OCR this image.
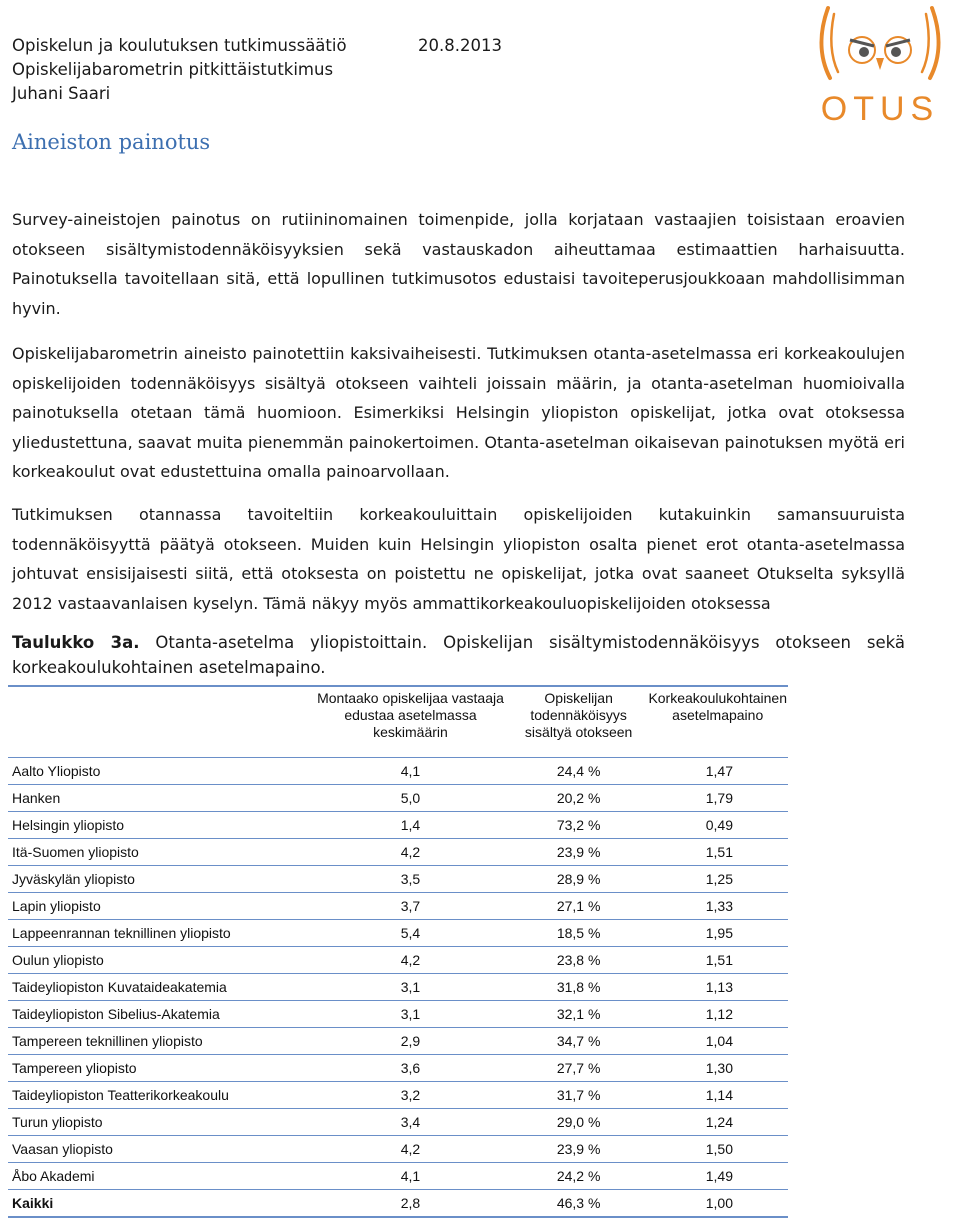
Opiskelun ja koulutuksen tutkimussäätiö
Opiskelijabarometrin pitkittäistutkimus
Juhani Saari
20.8.2013
OTUS
Aineiston painotus
Survey-aineistojen painotus on rutiininomainen toimenpide, jolla korjataan vastaajien toisistaan eroavien otokseen sisältymistodennäköisyyksien sekä vastauskadon aiheuttamaa estimaattien harhaisuutta. Painotuksella tavoitellaan sitä, että lopullinen tutkimusotos edustaisi tavoiteperusjoukkoaan mahdollisimman hyvin.
Opiskelijabarometrin aineisto painotettiin kaksivaiheisesti. Tutkimuksen otanta-asetelmassa eri korkeakoulujen opiskelijoiden todennäköisyys sisältyä otokseen vaihteli joissain määrin, ja otanta-asetelman huomioivalla painotuksella otetaan tämä huomioon. Esimerkiksi Helsingin yliopiston opiskelijat, jotka ovat otoksessa yliedustettuna, saavat muita pienemmän painokertoimen. Otanta-asetelman oikaisevan painotuksen myötä eri korkeakoulut ovat edustettuina omalla painoarvollaan.
Tutkimuksen otannassa tavoiteltiin korkeakouluittain opiskelijoiden kutakuinkin samansuuruista todennäköisyyttä päätyä otokseen. Muiden kuin Helsingin yliopiston osalta pienet erot otanta-asetelmassa johtuvat ensisijaisesti siitä, että otoksesta on poistettu ne opiskelijat, jotka ovat saaneet Otukselta syksyllä 2012 vastaavanlaisen kyselyn. Tämä näkyy myös ammattikorkeakouluopiskelijoiden otoksessa
Taulukko 3a. Otanta-asetelma yliopistoittain. Opiskelijan sisältymistodennäköisyys otokseen sekä korkeakoulukohtainen asetelmapaino.
	Montaako opiskelijaa vastaaja edustaa asetelmassa keskimäärin	Opiskelijan todennäköisyys sisältyä otokseen	Korkeakoulukohtainen asetelmapaino
Aalto Yliopisto	4,1	24,4 %	1,47
Hanken	5,0	20,2 %	1,79
Helsingin yliopisto	1,4	73,2 %	0,49
Itä-Suomen yliopisto	4,2	23,9 %	1,51
Jyväskylän yliopisto	3,5	28,9 %	1,25
Lapin yliopisto	3,7	27,1 %	1,33
Lappeenrannan teknillinen yliopisto	5,4	18,5 %	1,95
Oulun yliopisto	4,2	23,8 %	1,51
Taideyliopiston Kuvataideakatemia	3,1	31,8 %	1,13
Taideyliopiston Sibelius-Akatemia	3,1	32,1 %	1,12
Tampereen teknillinen yliopisto	2,9	34,7 %	1,04
Tampereen yliopisto	3,6	27,7 %	1,30
Taideyliopiston Teatterikorkeakoulu	3,2	31,7 %	1,14
Turun yliopisto	3,4	29,0 %	1,24
Vaasan yliopisto	4,2	23,9 %	1,50
Åbo Akademi	4,1	24,2 %	1,49
Kaikki	2,8	46,3 %	1,00
